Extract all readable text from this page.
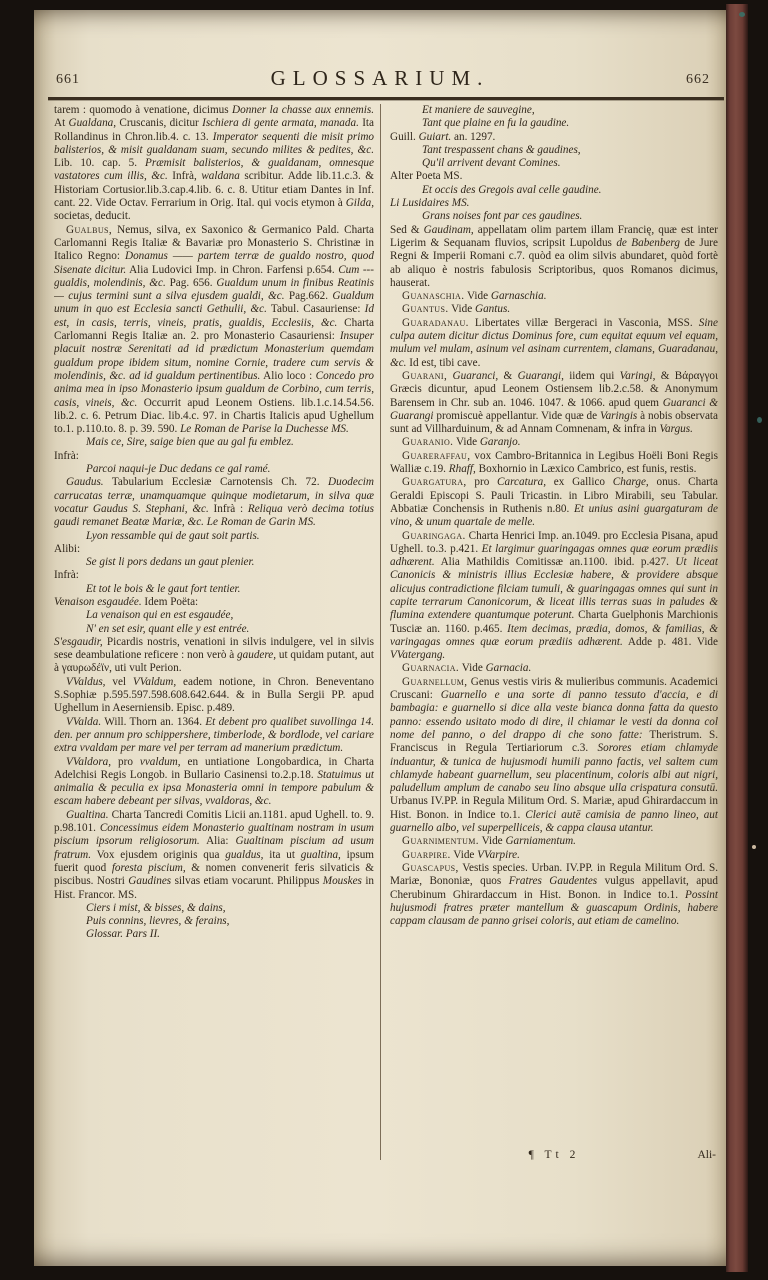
661	GLOSSARIUM.	662

tarem : quomodo à venatione, dicimus Donner la chasse aux ennemis. At Gualdana, Cruscanis, dicitur Ischiera di gente armata, manada. Ita Rollandinus in Chron.lib.4. c. 13. Imperator sequenti die misit primo balisterios, & misit gualdanam suam, secundo milites & pedites, &c. Lib. 10. cap. 5. Præmisit balisterios, & gualdanam, omnesque vastatores cum illis, &c. Infrà, waldana scribitur. Adde lib.11.c.3. & Historiam Cortusior.lib.3.cap.4.lib. 6. c. 8. Utitur etiam Dantes in Inf. cant. 22. Vide Octav. Ferrarium in Orig. Ital. qui vocis etymon à Gilda, societas, deducit.

Gualbus, Nemus, silva, ex Saxonico & Germanico Pald. Charta Carlomanni Regis Italiæ & Bavariæ pro Monasterio S. Christinæ in Italico Regno: Donamus —— partem terræ de gualdo nostro, quod Sisenate dicitur. Alia Ludovici Imp. in Chron. Farfensi p.654. Cum --- gualdis, molendinis, &c. Pag. 656. Gualdum unum in finibus Reatinis — cujus termini sunt a silva ejusdem gualdi, &c. Pag.662. Gualdum unum in quo est Ecclesia sancti Gethulii, &c. Tabul. Casauriense: Id est, in casis, terris, vineis, pratis, gualdis, Ecclesiis, &c. Charta Carlomanni Regis Italiæ an. 2. pro Monasterio Casauriensi: Insuper placuit nostræ Serenitati ad id prædictum Monasterium quemdam gualdum prope ibidem situm, nomine Cornie, tradere cum servis & molendinis, &c. ad id gualdum pertinentibus. Alio loco : Concedo pro anima mea in ipso Monasterio ipsum gualdum de Corbino, cum terris, casis, vineis, &c. Occurrit apud Leonem Ostiens. lib.1.c.14.54.56. lib.2. c. 6. Petrum Diac. lib.4.c. 97. in Chartis Italicis apud Ughellum to.1. p.110.to. 8. p. 39. 590. Le Roman de Parise la Duchesse MS.

Mais ce, Sire, saige bien que au gal fu emblez.

Infrà:

Parcoi naqui-je Duc dedans ce gal ramé.

Gaudus. Tabularium Ecclesiæ Carnotensis Ch. 72. Duodecim carrucatas terræ, unamquamque quinque modietarum, in silva quæ vocatur Gaudus S. Stephani, &c. Infrà : Reliqua verò decima totius gaudi remanet Beatæ Mariæ, &c. Le Roman de Garin MS.

Lyon ressamble qui de gaut soit partis.

Alibi:

Se gist li pors dedans un gaut plenier.

Infrà:

Et tot le bois & le gaut fort tentier.

Venaison esgaudée. Idem Poëta:

La venaison qui en est esgaudée,

N' en set esir, quant elle y est entrée.

S'esgaudir, Picardis nostris, venationi in silvis indulgere, vel in silvis sese deambulatione reficere : non verò à gaudere, ut quidam putant, aut à γαυρωδέϊν, uti vult Perion.

VValdus, vel VValdum, eadem notione, in Chron. Beneventano S.Sophiæ p.595.597.598.608.642.644. & in Bulla Sergii PP. apud Ughellum in Aeserniensib. Episc. p.489.

VValda. Will. Thorn an. 1364. Et debent pro qualibet suvollinga 14. den. per annum pro schippershere, timberlode, & bordlode, vel cariare extra vvaldam per mare vel per terram ad manerium prædictum.

VValdora, pro vvaldum, en untiatione Longobardica, in Charta Adelchisi Regis Longob. in Bullario Casinensi to.2.p.18. Statuimus ut animalia & peculia ex ipsa Monasteria omni in tempore pabulum & escam habere debeant per silvas, vvaldoras, &c.

Gualtina. Charta Tancredi Comitis Licii an.1181. apud Ughell. to. 9. p.98.101. Concessimus eidem Monasterio gualtinam nostram in usum piscium ipsorum religiosorum. Alia: Gualtinam piscium ad usum fratrum. Vox ejusdem originis qua gualdus, ita ut gualtina, ipsum fuerit quod foresta piscium, & nomen convenerit feris silvaticis & piscibus. Nostri Gaudines silvas etiam vocarunt. Philippus Mouskes in Hist. Francor. MS.

Ciers i mist, & bisses, & dains,

Puis connins, lievres, & ferains,

Glossar. Pars II.

Et maniere de sauvegine,

Tant que plaine en fu la gaudine.

Guill. Guiart. an. 1297.

Tant trespassent chans & gaudines,

Qu'il arrivent devant Comines.

Alter Poeta MS.

Et occis des Gregois aval celle gaudine.

Li Lusidaires MS.

Grans noises font par ces gaudines.

Sed & Gaudinam, appellatam olim partem illam Francię, quæ est inter Ligerim & Sequanam fluvios, scripsit Lupoldus de Babenberg de Jure Regni & Imperii Romani c.7. quòd ea olim silvis abundaret, quòd fortè ab aliquo è nostris fabulosis Scriptoribus, quos Romanos dicimus, hauserat.

Guanaschia. Vide Garnaschia.

Guantus. Vide Gantus.

Guaradanau. Libertates villæ Bergeraci in Vasconia, MSS. Sine culpa autem dicitur dictus Dominus fore, cum equitat equum vel equam, mulum vel mulam, asinum vel asinam currentem, clamans, Guaradanau, &c. Id est, tibi cave.

Guarani, Guaranci, & Guarangi, iidem qui Varingi, & Βάραγγοι Græcis dicuntur, apud Leonem Ostiensem lib.2.c.58. & Anonymum Barensem in Chr. sub an. 1046. 1047. & 1066. apud quem Guaranci & Guarangi promiscuè appellantur. Vide quæ de Varingis à nobis observata sunt ad Villharduinum, & ad Annam Comnenam, & infra in Vargus.

Guaranio. Vide Garanjo.

Guareraffau, vox Cambro-Britannica in Legibus Hoëli Boni Regis Walliæ c.19. Rhaff, Boxhornio in Læxico Cambrico, est funis, restis.

Guargatura, pro Carcatura, ex Gallico Charge, onus. Charta Geraldi Episcopi S. Pauli Tricastin. in Libro Mirabili, seu Tabular. Abbatiæ Conchensis in Ruthenis n.80. Et unius asini guargaturam de vino, & unum quartale de melle.

Guaringaga. Charta Henrici Imp. an.1049. pro Ecclesia Pisana, apud Ughell. to.3. p.421. Et largimur guaringagas omnes quæ eorum prædiis adhærent. Alia Mathildis Comitissæ an.1100. ibid. p.427. Ut liceat Canonicis & ministris illius Ecclesiæ habere, & providere absque alicujus contradictione filciam tumuli, & guaringagas omnes qui sunt in capite terrarum Canonicorum, & liceat illis terras suas in paludes & flumina extendere quantumque poterunt. Charta Guelphonis Marchionis Tusciæ an. 1160. p.465. Item decimas, prædia, domos, & familias, & varingagas omnes quæ eorum prædiis adhærent. Adde p. 481. Vide VVatergang.

Guarnacia. Vide Garnacia.

Guarnellum, Genus vestis viris & mulieribus communis. Academici Cruscani: Guarnello e una sorte di panno tessuto d'accia, e di bambagia: e guarnello si dice alla veste bianca donna fatta da questo panno: essendo usitato modo di dire, il chiamar le vesti da donna col nome del panno, o del drappo di che sono fatte: Theristrum. S. Franciscus in Regula Tertiariorum c.3. Sorores etiam chlamyde induantur, & tunica de hujusmodi humili panno factis, vel saltem cum chlamyde habeant guarnellum, seu placentinum, coloris albi aut nigri, paludellum amplum de canabo seu lino absque ulla crispatura consutū. Urbanus IV.PP. in Regula Militum Ord. S. Mariæ, apud Ghirardaccum in Hist. Bonon. in Indice to.1. Clerici autē camisia de panno lineo, aut guarnello albo, vel superpelliceis, & cappa clausa utantur.

Guarnimentum. Vide Garniamentum.

Guarpire. Vide VVarpire.

Guascapus, Vestis species. Urban. IV.PP. in Regula Militum Ord. S. Mariæ, Bononiæ, quos Fratres Gaudentes vulgus appellavit, apud Cherubinum Ghirardaccum in Hist. Bonon. in Indice to.1. Possint hujusmodi fratres præter mantellum & guascapum Ordinis, habere cappam clausam de panno grisei coloris, aut etiam de camelino.

¶ Tt 2	Ali-
